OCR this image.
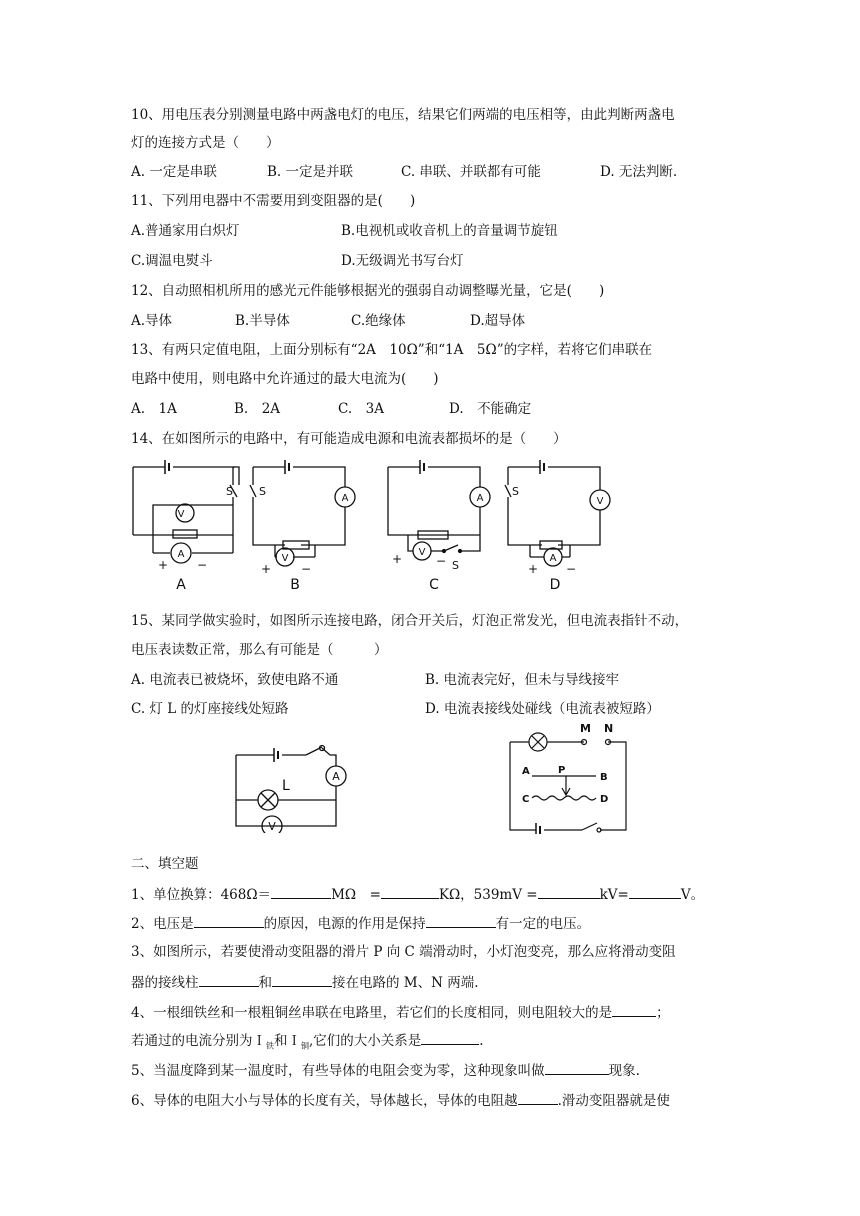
10、用电压表分别测量电路中两盏电灯的电压，结果它们两端的电压相等，由此判断两盏电
灯的连接方式是（　　）
A. 一定是串联	B. 一定是并联	C. 串联、并联都有可能	D. 无法判断.
11、下列用电器中不需要用到变阻器的是(　　)
A.普通家用白炽灯	B.电视机或收音机上的音量调节旋钮
C.调温电熨斗	D.无级调光书写台灯
12、自动照相机所用的感光元件能够根据光的强弱自动调整曝光量，它是(　　)
A.导体	B.半导体	C.绝缘体	D.超导体
13、有两只定值电阻，上面分别标有“2A　10Ω”和“1A　5Ω”的字样，若将它们串联在
电路中使用，则电路中允许通过的最大电流为(　　)
A.　1A	B.　2A	C.　3A	D.　不能确定
14、在如图所示的电路中，有可能造成电源和电流表都损坏的是（　　）
V
A
S
+ −
A
A
V
S
+ −
B
A
V
S
+	−
C
V
A
S
+ −
D
15、某同学做实验时，如图所示连接电路，闭合开关后，灯泡正常发光，但电流表指针不动，
电压表读数正常，那么有可能是（　　　）
A. 电流表已被烧坏，致使电路不通	B. 电流表完好，但未与导线接牢
C. 灯 L 的灯座接线处短路	D. 电流表接线处碰线（电流表被短路）
A
V
L
M N
A
B
C	D
P
二、填空题
1、单位换算：468Ω＝	MΩ　=	KΩ，539mV =	kV=	V。
2、电压是	的原因，电源的作用是保持	有一定的电压。
3、如图所示，若要使滑动变阻器的滑片 P 向 C 端滑动时，小灯泡变亮，那么应将滑动变阻
器的接线柱	和	接在电路的 M、N 两端.
4、一根细铁丝和一根粗铜丝串联在电路里，若它们的长度相同，则电阻较大的是	；
若通过的电流分别为Ｉ$_铁$和Ｉ$_铜$,它们的大小关系是	.
5、当温度降到某一温度时，有些导体的电阻会变为零，这种现象叫做	现象.
6、导体的电阻大小与导体的长度有关，导体越长，导体的电阻越	.滑动变阻器就是使
